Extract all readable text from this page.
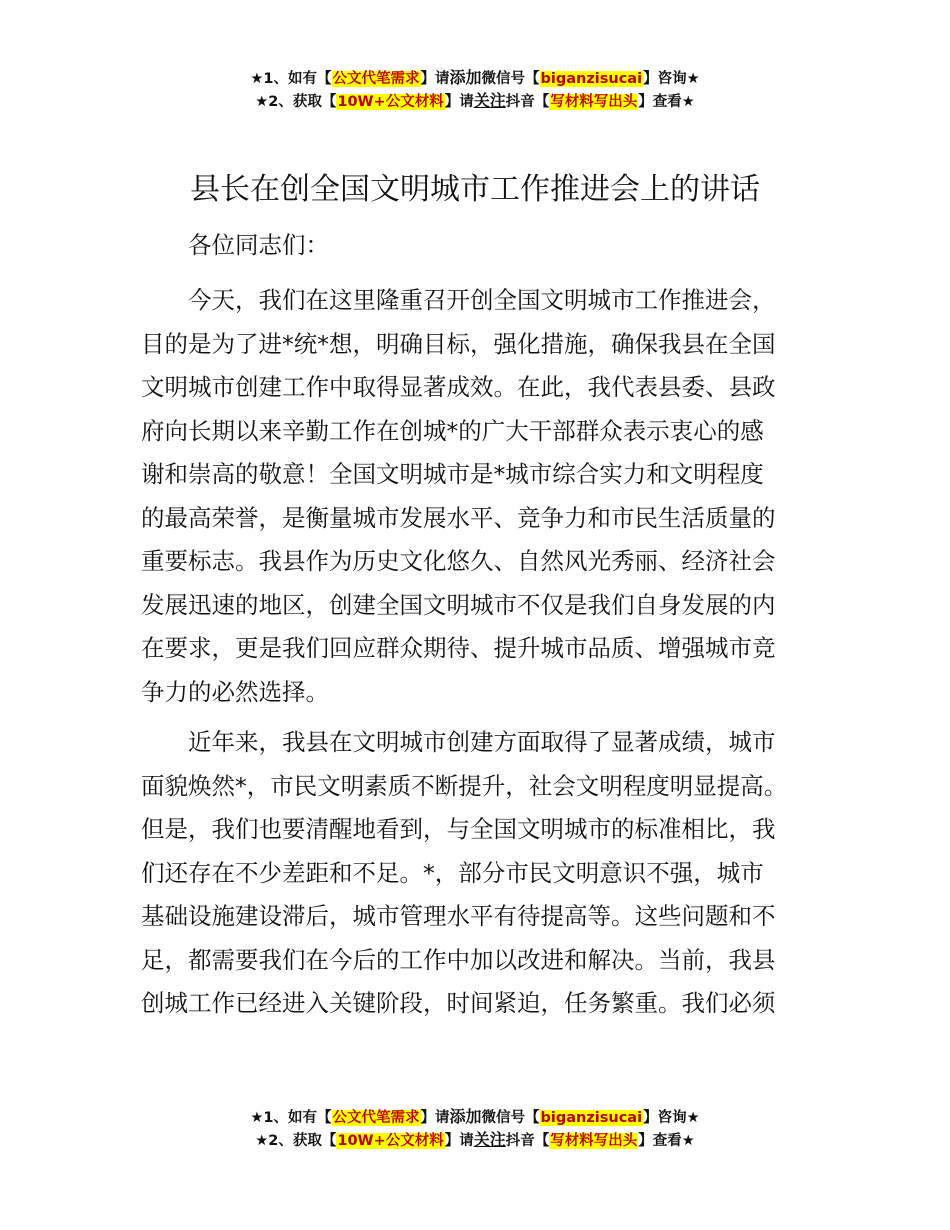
★1、如有【公文代笔需求】请添加微信号【biganzisucai】咨询★
★2、获取【10W+公文材料】请关注抖音【写材料写出头】查看★
县长在创全国文明城市工作推进会上的讲话
　　各位同志们：
　　今天，我们在这里隆重召开创全国文明城市工作推进会，
目的是为了进*统*想，明确目标，强化措施，确保我县在全国
文明城市创建工作中取得显著成效。在此，我代表县委、县政
府向长期以来辛勤工作在创城*的广大干部群众表示衷心的感
谢和崇高的敬意！全国文明城市是*城市综合实力和文明程度
的最高荣誉，是衡量城市发展水平、竞争力和市民生活质量的
重要标志。我县作为历史文化悠久、自然风光秀丽、经济社会
发展迅速的地区，创建全国文明城市不仅是我们自身发展的内
在要求，更是我们回应群众期待、提升城市品质、增强城市竞
争力的必然选择。
　　近年来，我县在文明城市创建方面取得了显著成绩，城市
面貌焕然*，市民文明素质不断提升，社会文明程度明显提高。
但是，我们也要清醒地看到，与全国文明城市的标准相比，我
们还存在不少差距和不足。*，部分市民文明意识不强，城市
基础设施建设滞后，城市管理水平有待提高等。这些问题和不
足，都需要我们在今后的工作中加以改进和解决。当前，我县
创城工作已经进入关键阶段，时间紧迫，任务繁重。我们必须
★1、如有【公文代笔需求】请添加微信号【biganzisucai】咨询★
★2、获取【10W+公文材料】请关注抖音【写材料写出头】查看★
